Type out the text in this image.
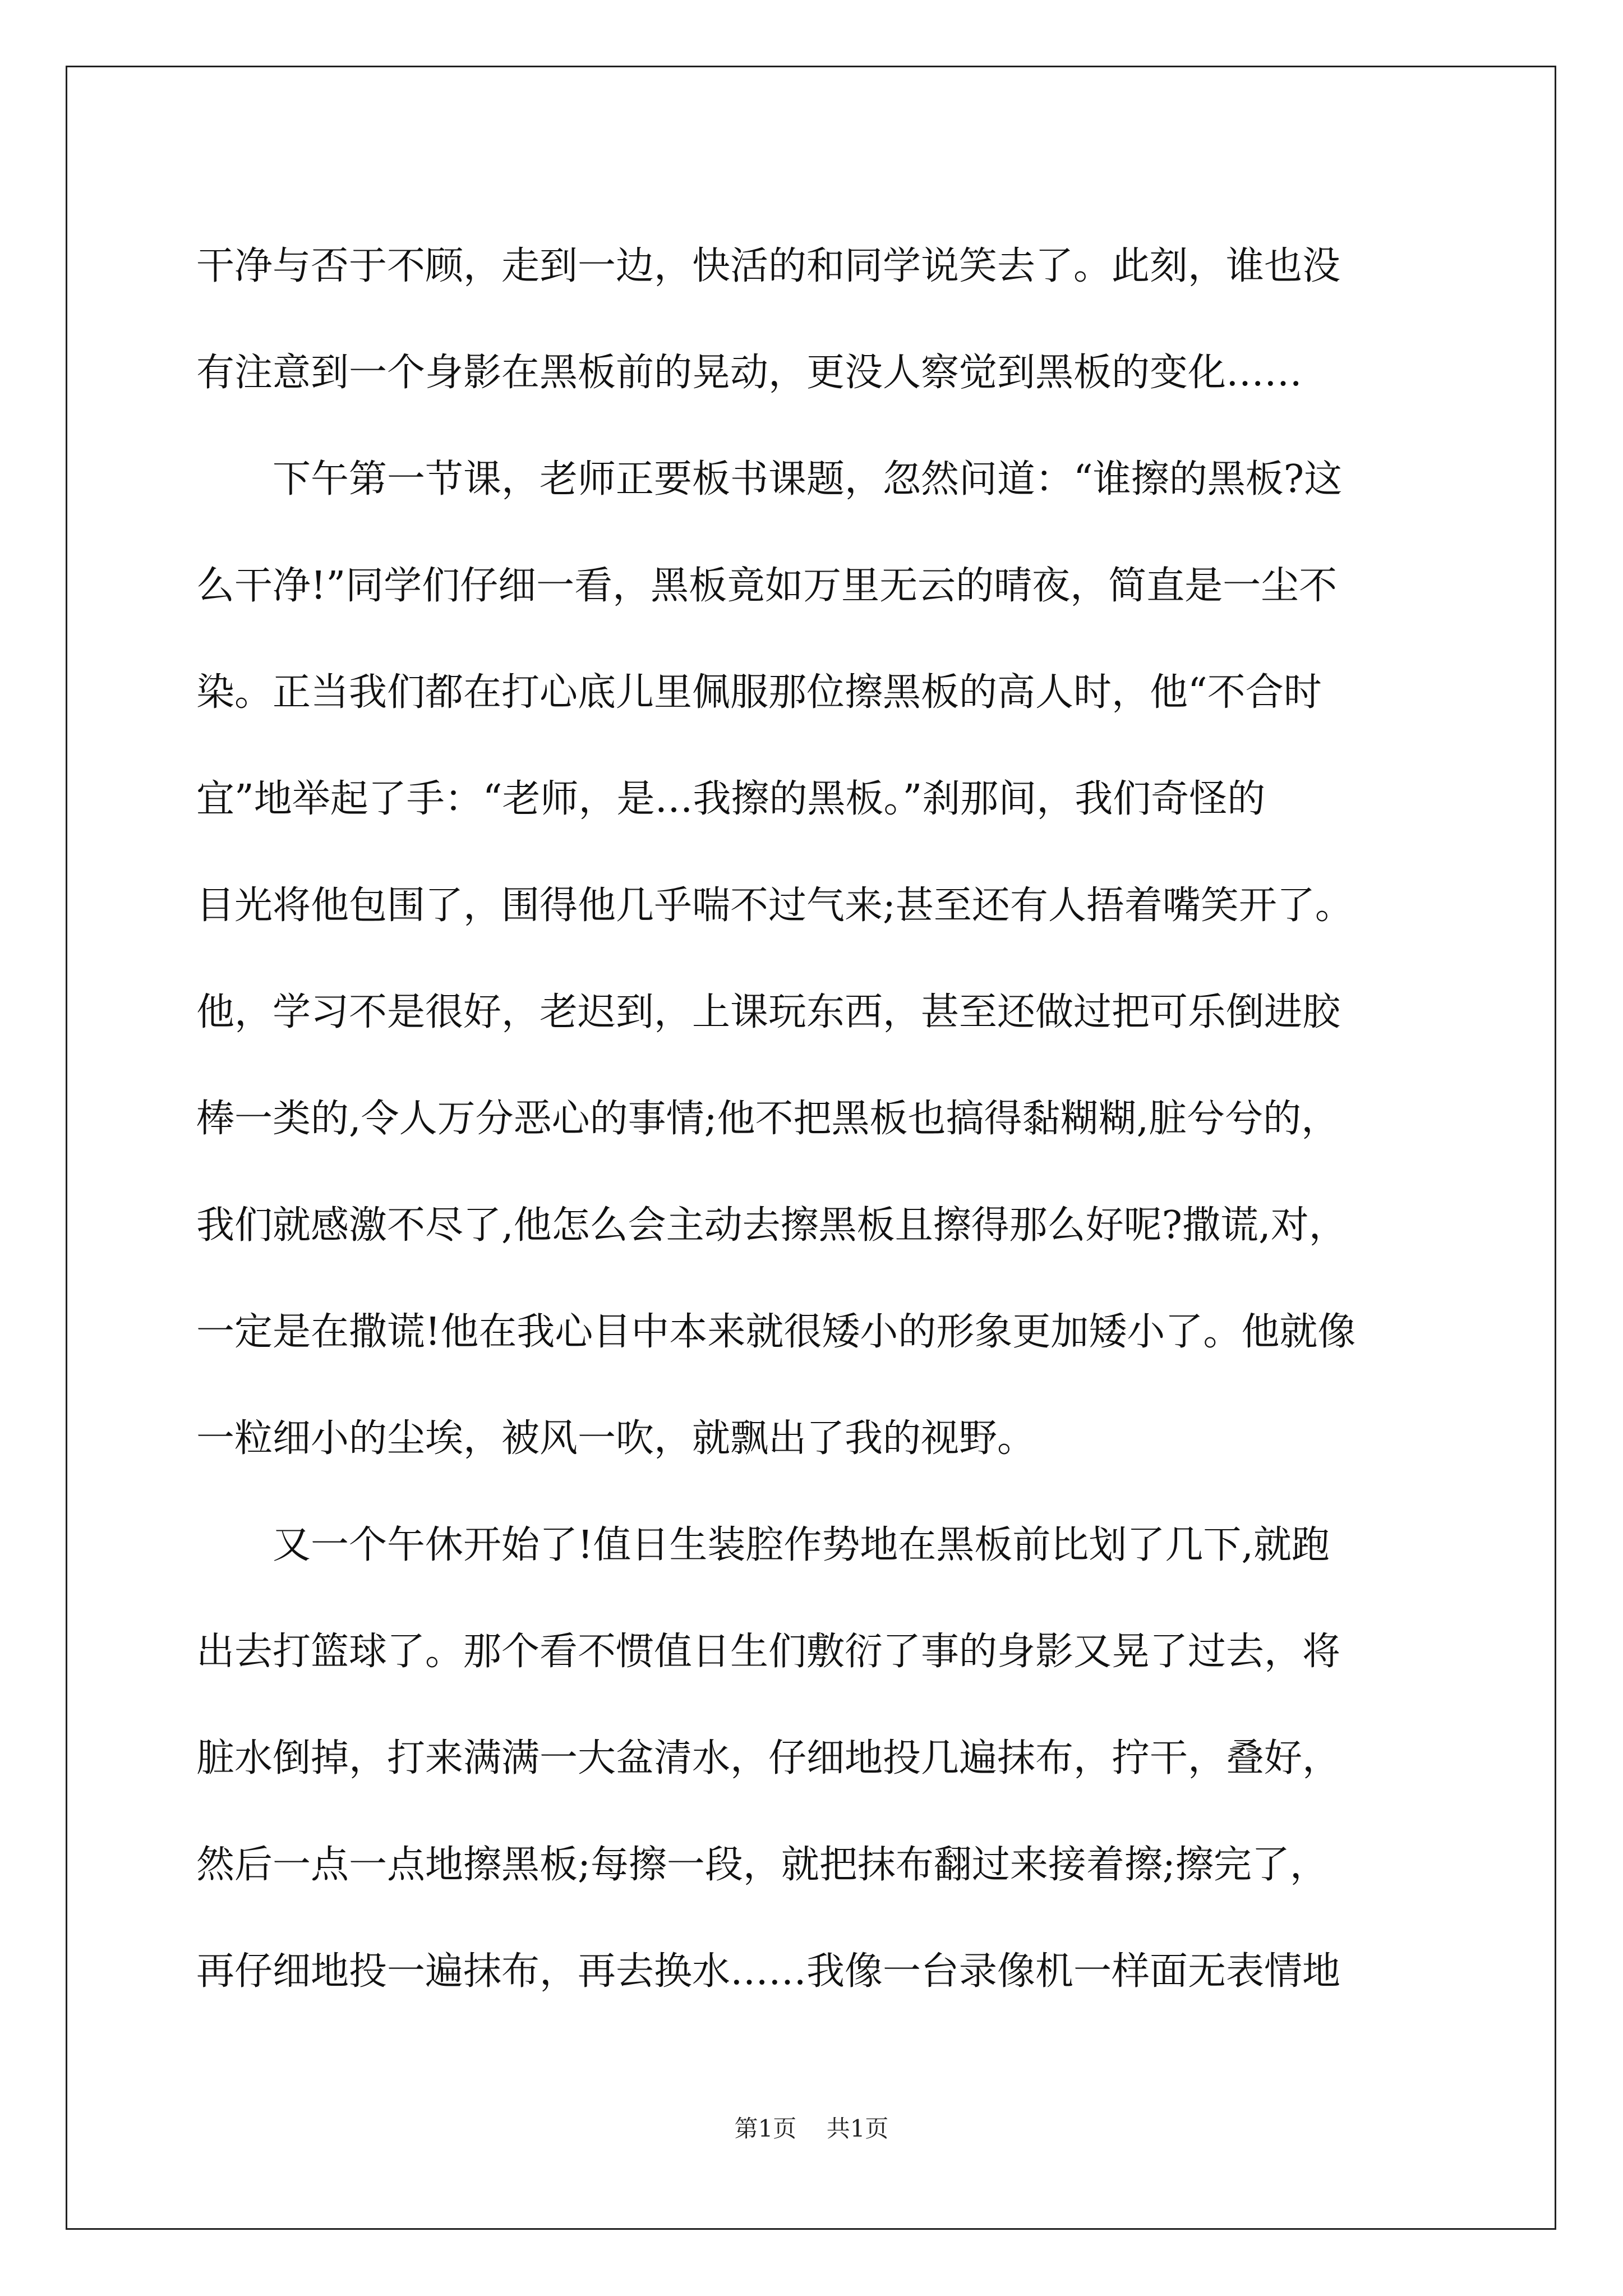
干净与否于不顾，走到一边，快活的和同学说笑去了。此刻，谁也没
有注意到一个身影在黑板前的晃动，更没人察觉到黑板的变化……
　　下午第一节课，老师正要板书课题，忽然问道：“谁擦的黑板?这
么干净!”同学们仔细一看，黑板竟如万里无云的晴夜，简直是一尘不
染。正当我们都在打心底儿里佩服那位擦黑板的高人时，他“不合时
宜”地举起了手：“老师，是…我擦的黑板。”刹那间，我们奇怪的
目光将他包围了，围得他几乎喘不过气来;甚至还有人捂着嘴笑开了。
他，学习不是很好，老迟到，上课玩东西，甚至还做过把可乐倒进胶
棒一类的,令人万分恶心的事情;他不把黑板也搞得黏糊糊,脏兮兮的，
我们就感激不尽了,他怎么会主动去擦黑板且擦得那么好呢?撒谎,对，
一定是在撒谎!他在我心目中本来就很矮小的形象更加矮小了。他就像
一粒细小的尘埃，被风一吹，就飘出了我的视野。
　　又一个午休开始了!值日生装腔作势地在黑板前比划了几下,就跑
出去打篮球了。那个看不惯值日生们敷衍了事的身影又晃了过去，将
脏水倒掉，打来满满一大盆清水，仔细地投几遍抹布，拧干，叠好，
然后一点一点地擦黑板;每擦一段，就把抹布翻过来接着擦;擦完了，
再仔细地投一遍抹布，再去换水……我像一台录像机一样面无表情地
第1页 共1页
